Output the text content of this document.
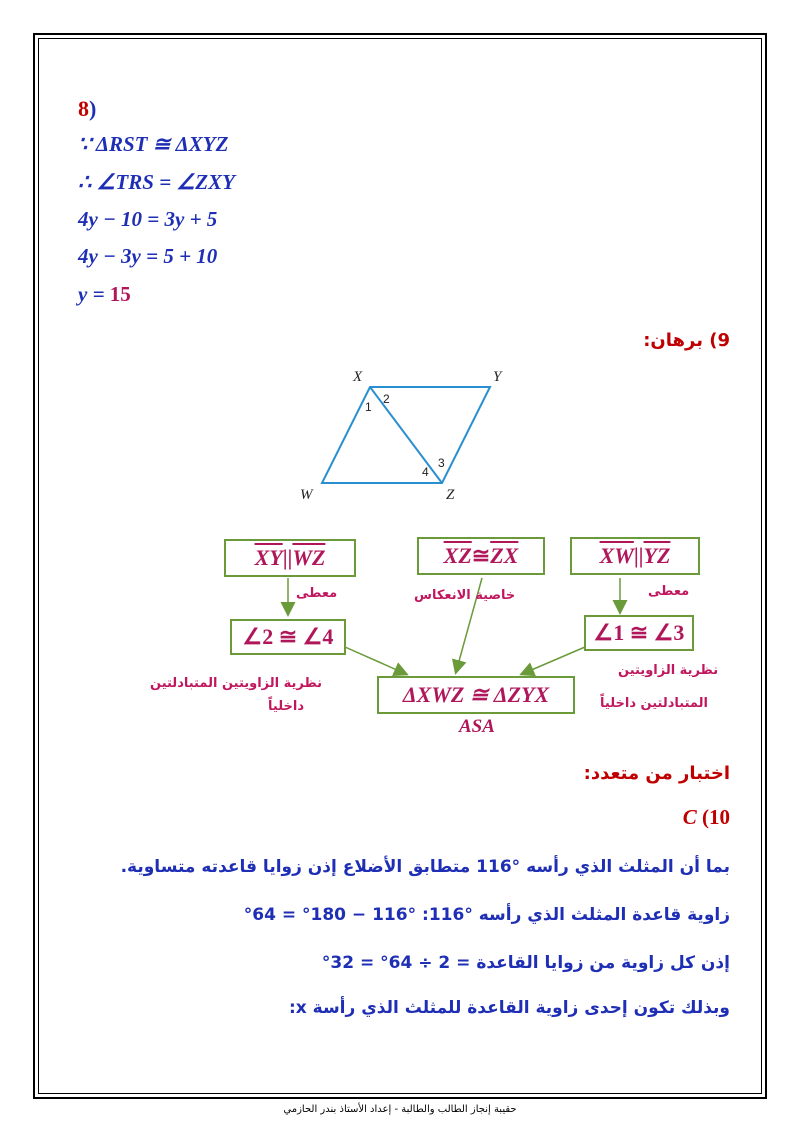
8)
∵ ΔRST ≅ ΔXYZ
∴ ∠TRS = ∠ZXY
4y − 10 = 3y + 5
4y − 3y = 5 + 10
y = 15
9) برهان:
X	Y
Z
W
1
2
3
4
$\overline{XY}$ || $\overline{WZ}$	$\overline{XZ}$ ≅ $\overline{ZX}$	$\overline{XW}$ || $\overline{YZ}$
∠2 ≅ ∠4	∠1 ≅ ∠3
ΔXWZ ≅ ΔZYX
معطى	خاصية الانعكاس	معطى
نظرية الزاويتين المتبادلتين
داخلياً
نظرية الزاويتين
المتبادلتين داخلياً
ASA
اختبار من متعدد:
C (10
بما أن المثلث الذي رأسه °116 متطابق الأضلاع إذن زوايا قاعدته متساوية.
زاوية قاعدة المثلث الذي رأسه °116: °116 − 180° = 64°
إذن كل زاوية من زوايا القاعدة = 2 ÷ 64° = 32°
وبذلك تكون إحدى زاوية القاعدة للمثلث الذي رأسة x:
حقيبة إنجاز الطالب والطالبة - إعداد الأستاذ بندر الحازمي
